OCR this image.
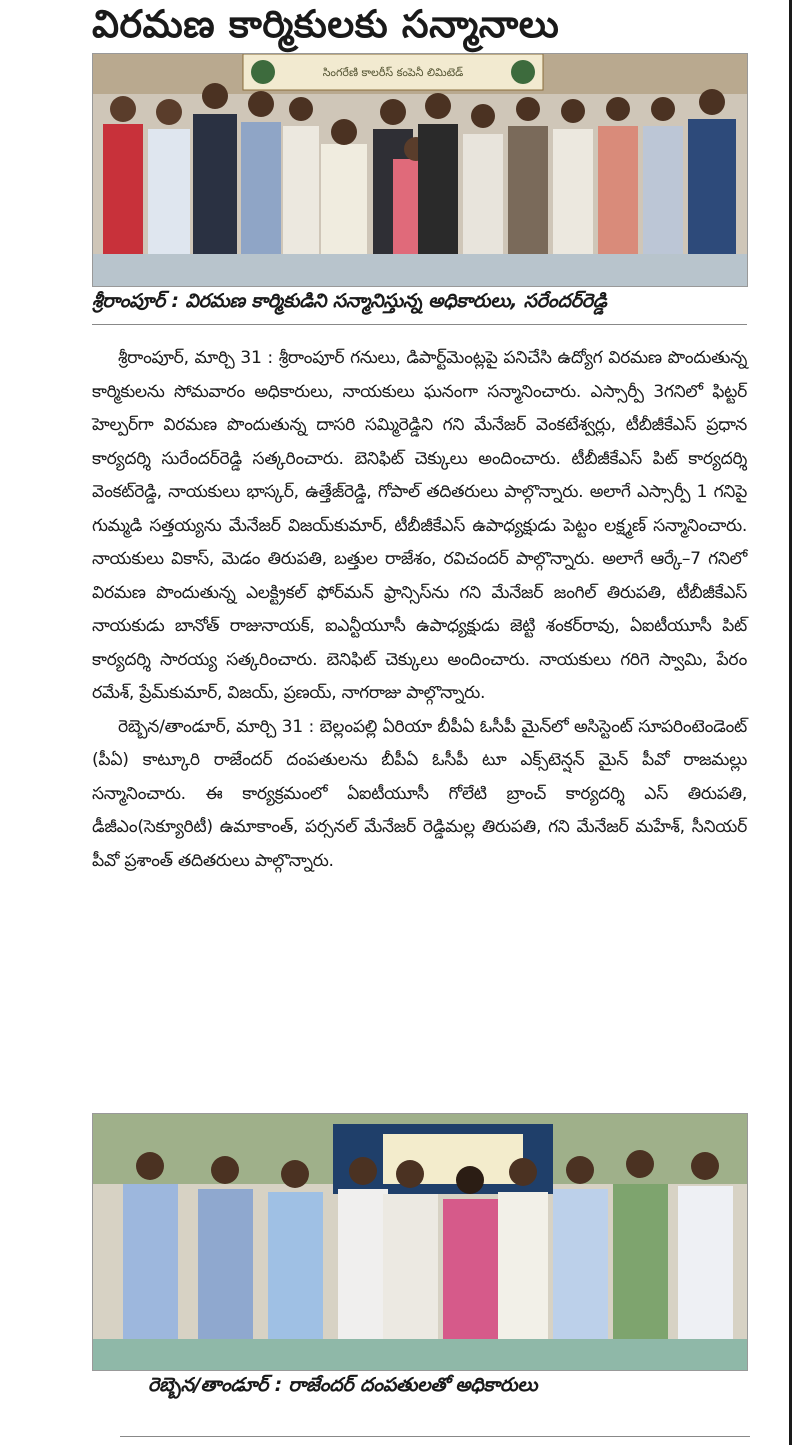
విరమణ కార్మికులకు సన్మానాలు
సింగరేణి కాలరీస్ కంపెనీ లిమిటెడ్
శ్రీరాంపూర్ : విరమణ కార్మికుడిని సన్మానిస్తున్న అధికారులు, సరేందర్‌రెడ్డి

శ్రీరాంపూర్, మార్చి 31 : శ్రీరాంపూర్ గనులు, డిపార్ట్‌మెంట్లపై పనిచేసి ఉద్యోగ విరమణ పొందుతున్న కార్మికులను సోమవారం అధికారులు, నాయకులు ఘనంగా సన్మానించారు. ఎస్సార్పీ 3గనిలో ఫిట్టర్ హెల్పర్‌గా విరమణ పొందుతున్న దాసరి సమ్మిరెడ్డిని గని మేనేజర్ వెంకటేశ్వర్లు, టీబీజీకేఎస్ ప్రధాన కార్యదర్శి సురేందర్‌రెడ్డి సత్కరించారు. బెనిఫిట్ చెక్కులు అందించారు. టీబీజీకేఎస్ పిట్ కార్యదర్శి వెంకట్‌రెడ్డి, నాయకులు భాస్కర్, ఉత్తేజ్‌రెడ్డి, గోపాల్ తదితరులు పాల్గొన్నారు. అలాగే ఎస్సార్పీ 1 గనిపై గుమ్మడి సత్తయ్యను మేనేజర్ విజయ్‌కుమార్, టీబీజీకేఎస్ ఉపాధ్యక్షుడు పెట్టం లక్ష్మణ్ సన్మానించారు. నాయకులు వికాస్, మెడం తిరుపతి, బత్తుల రాజేశం, రవిచందర్ పాల్గొన్నారు. అలాగే ఆర్కే–7 గనిలో విరమణ పొందుతున్న ఎలక్ట్రికల్ ఫోర్‌మన్ ఫ్రాన్సిస్‌ను గని మేనేజర్ జంగిల్ తిరుపతి, టీబీజీకేఎస్ నాయకుడు బానోత్ రాజునాయక్, ఐఎన్టీయూసీ ఉపాధ్యక్షుడు జెట్టి శంకర్‌రావు, ఏఐటీయూసీ పిట్ కార్యదర్శి సారయ్య సత్కరించారు. బెనిఫిట్ చెక్కులు అందించారు. నాయకులు గరిగె స్వామి, పేరం రమేశ్, ప్రేమ్‌కుమార్, విజయ్, ప్రణయ్, నాగరాజు పాల్గొన్నారు.

రెబ్బెన/తాండూర్, మార్చి 31 : బెల్లంపల్లి ఏరియా బీపీఏ ఓసీపీ మైన్‌లో అసిస్టెంట్ సూపరింటెండెంట్ (పీఏ) కాట్కూరి రాజేందర్ దంపతులను బీపీఏ ఓసీపీ టూ ఎక్స్‌టెన్షన్ మైన్ పీవో రాజమల్లు సన్మానించారు. ఈ కార్యక్రమంలో ఏఐటీయూసీ గోలేటి బ్రాంచ్ కార్యదర్శి ఎస్ తిరుపతి, డీజీఎం(సెక్యూరిటీ) ఉమాకాంత్, పర్సనల్ మేనేజర్ రెడ్డిమల్ల తిరుపతి, గని మేనేజర్ మహేశ్, సీనియర్ పీవో ప్రశాంత్ తదితరులు పాల్గొన్నారు.

రెబ్బెన/తాండూర్ : రాజేందర్ దంపతులతో అధికారులు
